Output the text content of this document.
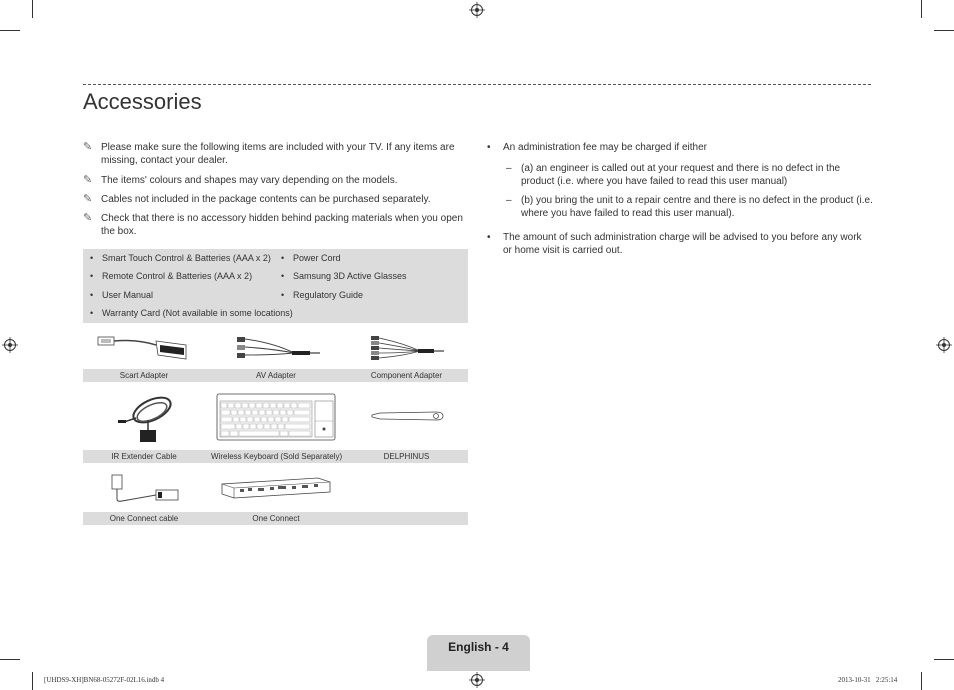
Accessories
✎ Please make sure the following items are included with your TV. If any items are missing, contact your dealer.
✎ The items' colours and shapes may vary depending on the models.
✎ Cables not included in the package contents can be purchased separately.
✎ Check that there is no accessory hidden behind packing materials when you open the box.
• Smart Touch Control & Batteries (AAA x 2)
• Remote Control & Batteries (AAA x 2)
• User Manual
• Warranty Card (Not available in some locations)
• Power Cord
• Samsung 3D Active Glasses
• Regulatory Guide
Scart Adapter	AV Adapter	Component Adapter
IR Extender Cable	Wireless Keyboard (Sold Separately)	DELPHINUS
One Connect cable	One Connect
• An administration fee may be charged if either
– (a) an engineer is called out at your request and there is no defect in the product (i.e. where you have failed to read this user manual)
– (b) you bring the unit to a repair centre and there is no defect in the product (i.e. where you have failed to read this user manual).
• The amount of such administration charge will be advised to you before any work or home visit is carried out.
English - 4
[UHDS9-XH]BN68-05272F-02L16.indb 4	2013-10-31   2:25:14
